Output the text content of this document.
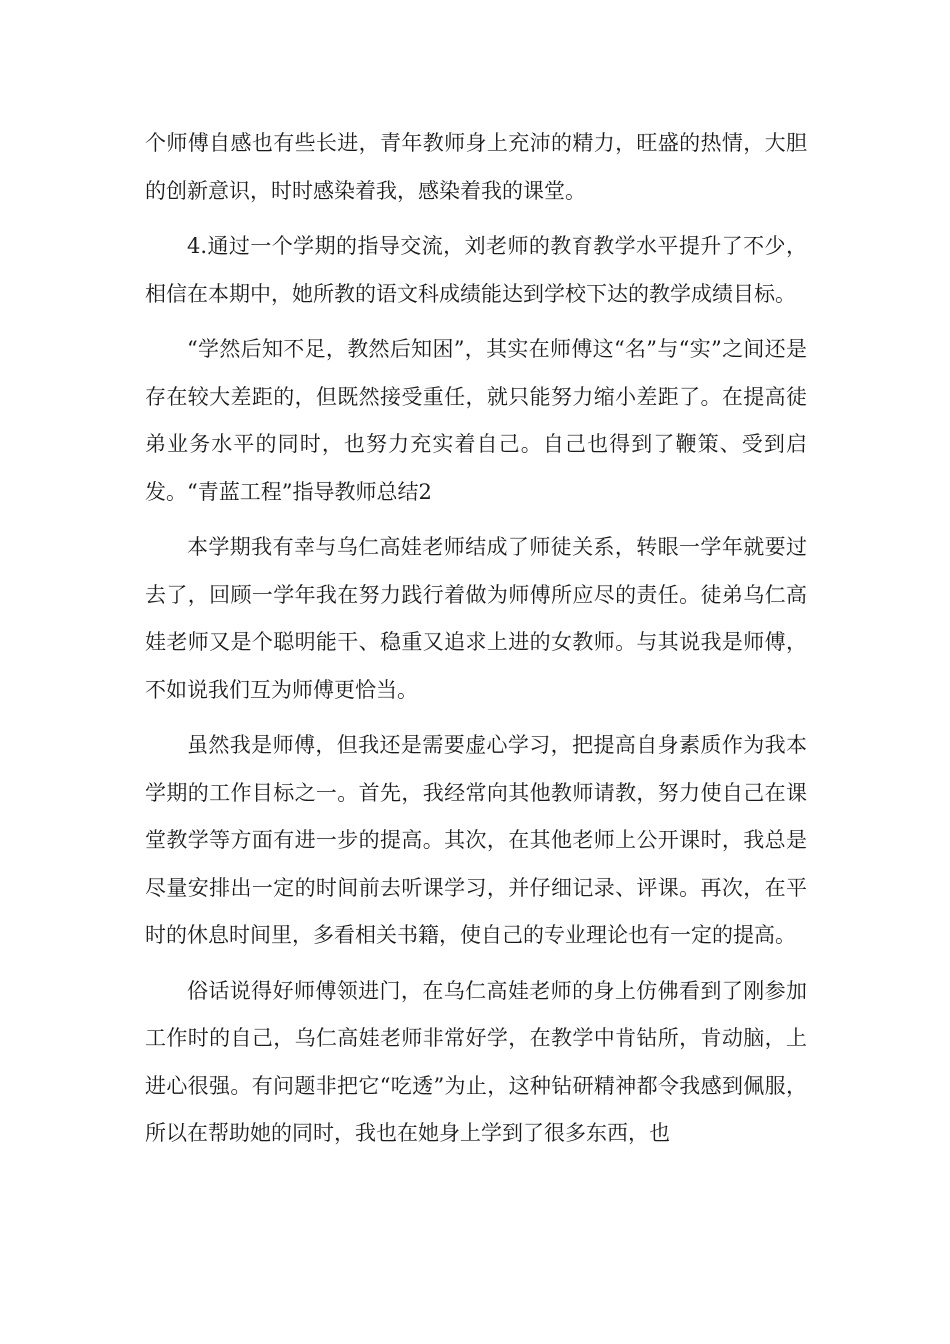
个师傅自感也有些长进，青年教师身上充沛的精力，旺盛的热情，大胆的创新意识，时时感染着我，感染着我的课堂。

4.通过一个学期的指导交流，刘老师的教育教学水平提升了不少，相信在本期中，她所教的语文科成绩能达到学校下达的教学成绩目标。

“学然后知不足，教然后知困”，其实在师傅这“名”与“实”之间还是存在较大差距的，但既然接受重任，就只能努力缩小差距了。在提高徒弟业务水平的同时，也努力充实着自己。自己也得到了鞭策、受到启发。“青蓝工程”指导教师总结2

本学期我有幸与乌仁高娃老师结成了师徒关系，转眼一学年就要过去了，回顾一学年我在努力践行着做为师傅所应尽的责任。徒弟乌仁高娃老师又是个聪明能干、稳重又追求上进的女教师。与其说我是师傅，不如说我们互为师傅更恰当。

虽然我是师傅，但我还是需要虚心学习，把提高自身素质作为我本学期的工作目标之一。首先，我经常向其他教师请教，努力使自己在课堂教学等方面有进一步的提高。其次，在其他老师上公开课时，我总是尽量安排出一定的时间前去听课学习，并仔细记录、评课。再次，在平时的休息时间里，多看相关书籍，使自己的专业理论也有一定的提高。

俗话说得好师傅领进门，在乌仁高娃老师的身上仿佛看到了刚参加工作时的自己，乌仁高娃老师非常好学，在教学中肯钻所，肯动脑，上进心很强。有问题非把它“吃透”为止，这种钻研精神都令我感到佩服，所以在帮助她的同时，我也在她身上学到了很多东西，也
